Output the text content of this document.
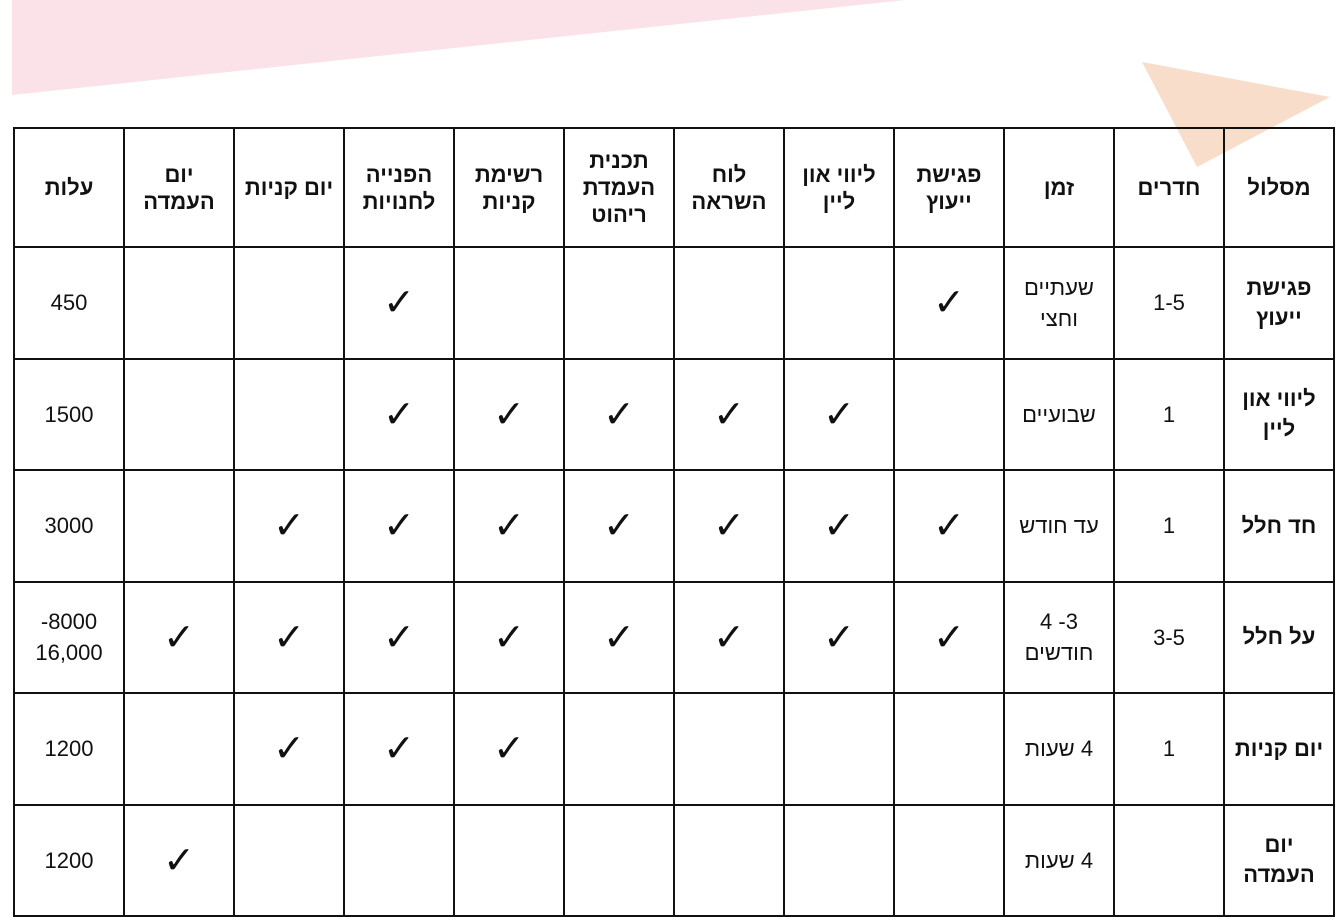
מסלול	חדרים	זמן	פגישת ייעוץ	ליווי און ליין	לוח השראה	תכנית העמדת ריהוט	רשימת קניות	הפנייה לחנויות	יום קניות	יום העמדה	עלות
פגישת ייעוץ	1-5	שעתיים וחצי	✓					✓			450
ליווי און ליין	1	שבועיים		✓	✓	✓	✓	✓			1500
חד חלל	1	עד חודש	✓	✓	✓	✓	✓	✓	✓		3000
על חלל	3-5	3- 4 חודשים	✓	✓	✓	✓	✓	✓	✓	✓	8000- 16,000
יום קניות	1	4 שעות					✓	✓	✓		1200
יום העמדה		4 שעות								✓	1200
